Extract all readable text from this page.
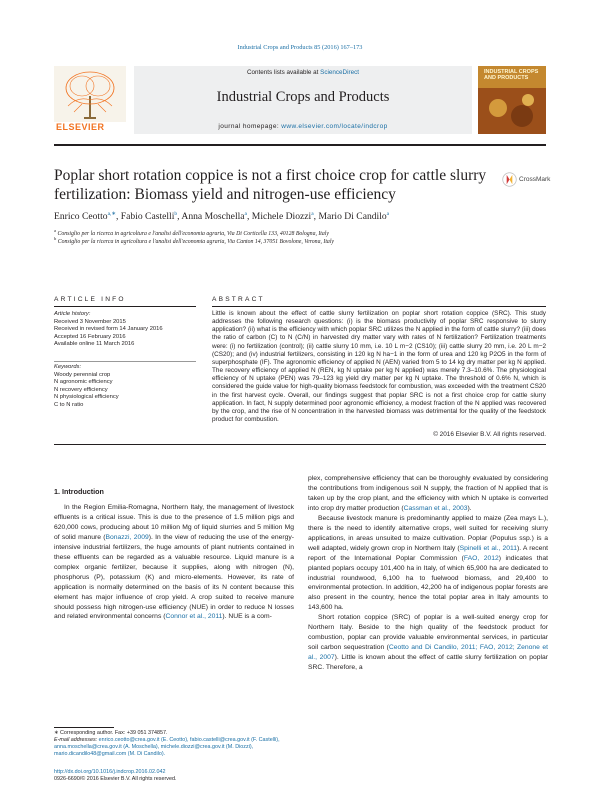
Industrial Crops and Products 85 (2016) 167–173
ELSEVIER
Contents lists available at ScienceDirect
Industrial Crops and Products
journal homepage: www.elsevier.com/locate/indcrop
INDUSTRIAL CROPS AND PRODUCTS
Poplar short rotation coppice is not a first choice crop for cattle slurry fertilization: Biomass yield and nitrogen-use efficiency
CrossMark
Enrico Ceotto$^{a,∗}$, Fabio Castelli$^b$, Anna Moschella$^a$, Michele Diozzi$^a$, Mario Di Candilo$^a$
$^a$ Consiglio per la ricerca in agricoltura e l'analisi dell'economia agraria, Via Di Corticella 133, 40128 Bologna, Italy
$^b$ Consiglio per la ricerca in agricoltura e l'analisi dell'economia agraria, Via Canton 14, 37051 Bovolone, Verona, Italy
ARTICLE INFO	ABSTRACT
Article history:
Received 3 November 2015
Received in revised form 14 January 2016
Accepted 16 February 2016
Available online 11 March 2016
Keywords:
Woody perennial crop
N agronomic efficiency
N recovery efficiency
N physiological efficiency
C to N ratio
Little is known about the effect of cattle slurry fertilization on poplar short rotation coppice (SRC). This study addresses the following research questions: (i) is the biomass productivity of poplar SRC responsive to slurry application? (ii) what is the efficiency with which poplar SRC utilizes the N applied in the form of cattle slurry? (iii) does the ratio of carbon (C) to N (C/N) in harvested dry matter vary with rates of N fertilization? Fertilization treatments were: (i) no fertilization (control); (ii) cattle slurry 10 mm, i.e. 10 L m−2 (CS10); (iii) cattle slurry 20 mm, i.e. 20 L m−2 (CS20); and (iv) industrial fertilizers, consisting in 120 kg N ha−1 in the form of urea and 120 kg P2O5 in the form of superphosphate (IF). The agronomic efficiency of applied N (AEN) varied from 5 to 14 kg dry matter per kg N applied. The recovery efficiency of applied N (REN, kg N uptake per kg N applied) was merely 7.3–10.6%. The physiological efficiency of N uptake (PEN) was 79–123 kg yield dry matter per kg N uptake. The threshold of 0.6% N, which is considered the guide value for high-quality biomass feedstock for combustion, was exceeded with the treatment CS20 in the first harvest cycle. Overall, our findings suggest that poplar SRC is not a first choice crop for cattle slurry application. In fact, N supply determined poor agronomic efficiency, a modest fraction of the N applied was recovered by the crop, and the rise of N concentration in the harvested biomass was detrimental for the quality of the feedstock product for combustion.
© 2016 Elsevier B.V. All rights reserved.
1. Introduction

In the Region Emilia-Romagna, Northern Italy, the management of livestock effluents is a critical issue. This is due to the presence of 1.5 million pigs and 620,000 cows, producing about 10 million Mg of liquid slurries and 5 million Mg of solid manure (Bonazzi, 2009). In the view of reducing the use of the energy-intensive industrial fertilizers, the huge amounts of plant nutrients contained in these effluents can be regarded as a valuable resource. Liquid manure is a complex organic fertilizer, because it supplies, along with nitrogen (N), phosphorus (P), potassium (K) and micro-elements. However, its rate of application is normally determined on the basis of its N content because this element has major influence of crop yield. A crop suited to receive manure should possess high nitrogen-use efficiency (NUE) in order to reduce N losses and related environmental concerns (Connor et al., 2011). NUE is a com-

plex, comprehensive efficiency that can be thoroughly evaluated by considering the contributions from indigenous soil N supply, the fraction of N applied that is taken up by the crop plant, and the efficiency with which N uptake is converted into crop dry matter production (Cassman et al., 2003).

Because livestock manure is predominantly applied to maize (Zea mays L.), there is the need to identify alternative crops, well suited for receiving slurry applications, in areas unsuited to maize cultivation. Poplar (Populus ssp.) is a well adapted, widely grown crop in Northern Italy (Spinelli et al., 2011). A recent report of the International Poplar Commission (FAO, 2012) indicates that planted poplars occupy 101,400 ha in Italy, of which 65,900 ha are dedicated to industrial roundwood, 6,100 ha to fuelwood biomass, and 29,400 to environmental protection. In addition, 42,200 ha of indigenous poplar forests are also present in the country, hence the total poplar area in Italy amounts to 143,600 ha.

Short rotation coppice (SRC) of poplar is a well-suited energy crop for Northern Italy. Beside to the high quality of the feedstock product for combustion, poplar can provide valuable environmental services, in particular soil carbon sequestration (Ceotto and Di Candilo, 2011; FAO, 2012; Zenone et al., 2007). Little is known about the effect of cattle slurry fertilization on poplar SRC. Therefore, a

∗ Corresponding author. Fax: +39 051 374857.
E-mail addresses: enrico.ceotto@crea.gov.it (E. Ceotto), fabio.castelli@crea.gov.it (F. Castelli), anna.moschella@crea.gov.it (A. Moschella), michele.diozzi@crea.gov.it (M. Diozzi), mario.dicandilo48@gmail.com (M. Di Candilo).
http://dx.doi.org/10.1016/j.indcrop.2016.02.042
0926-6690/© 2016 Elsevier B.V. All rights reserved.
